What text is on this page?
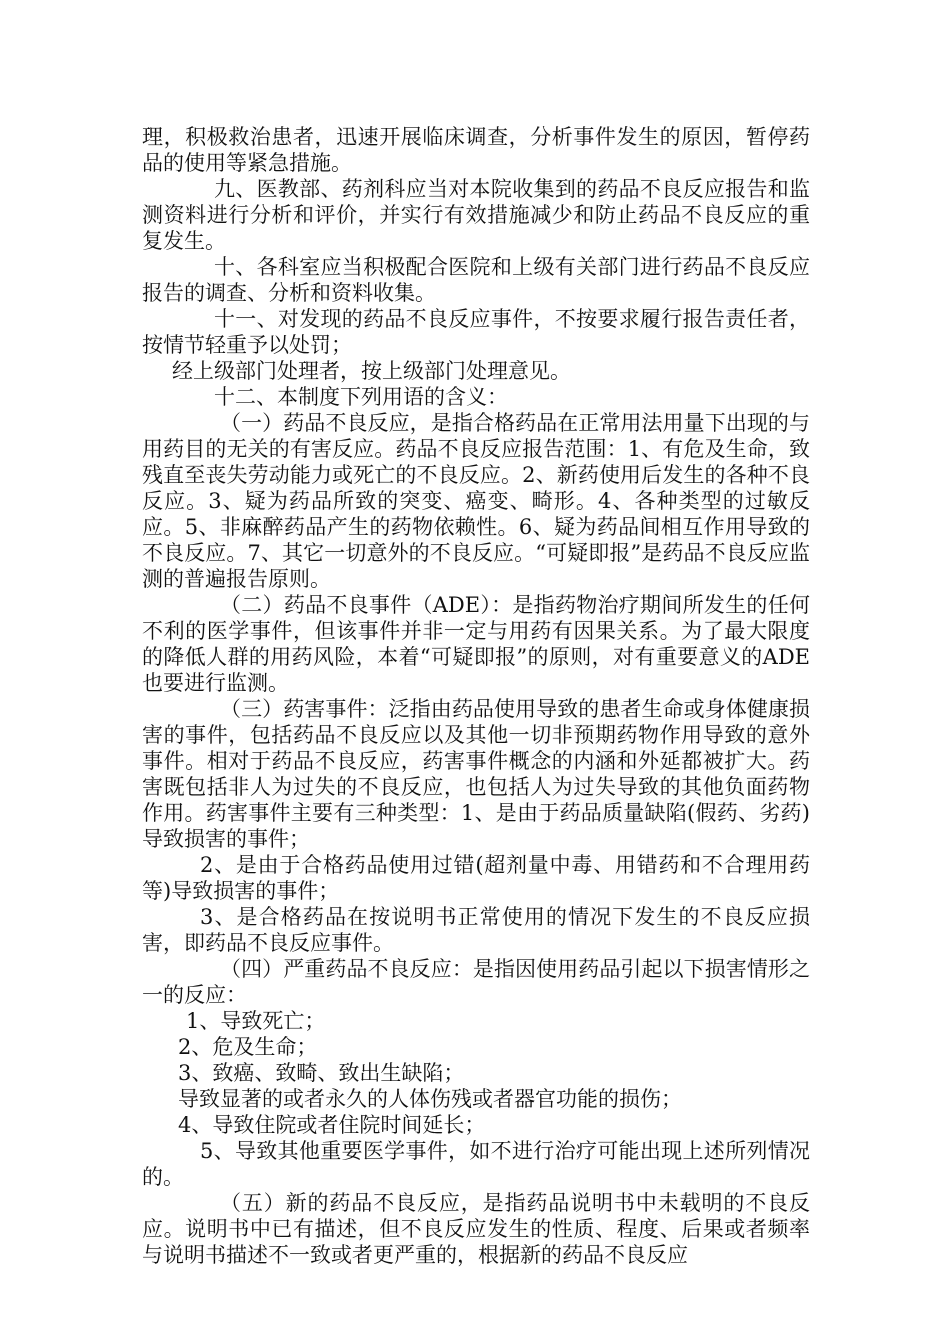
理，积极救治患者，迅速开展临床调查，分析事件发生的原因，暂停药品的使用等紧急措施。

九、医教部、药剂科应当对本院收集到的药品不良反应报告和监测资料进行分析和评价，并实行有效措施减少和防止药品不良反应的重复发生。

十、各科室应当积极配合医院和上级有关部门进行药品不良反应报告的调查、分析和资料收集。

十一、对发现的药品不良反应事件，不按要求履行报告责任者，按情节轻重予以处罚；

经上级部门处理者，按上级部门处理意见。

十二、本制度下列用语的含义：

（一）药品不良反应，是指合格药品在正常用法用量下出现的与用药目的无关的有害反应。药品不良反应报告范围：1、有危及生命，致残直至丧失劳动能力或死亡的不良反应。2、新药使用后发生的各种不良反应。3、疑为药品所致的突变、癌变、畸形。4、各种类型的过敏反应。5、非麻醉药品产生的药物依赖性。6、疑为药品间相互作用导致的不良反应。7、其它一切意外的不良反应。“可疑即报”是药品不良反应监测的普遍报告原则。

（二）药品不良事件（ADE）：是指药物治疗期间所发生的任何不利的医学事件，但该事件并非一定与用药有因果关系。为了最大限度的降低人群的用药风险，本着“可疑即报”的原则，对有重要意义的ADE也要进行监测。

（三）药害事件：泛指由药品使用导致的患者生命或身体健康损害的事件，包括药品不良反应以及其他一切非预期药物作用导致的意外事件。相对于药品不良反应，药害事件概念的内涵和外延都被扩大。药害既包括非人为过失的不良反应，也包括人为过失导致的其他负面药物作用。药害事件主要有三种类型：1、是由于药品质量缺陷(假药、劣药)导致损害的事件；

2、是由于合格药品使用过错(超剂量中毒、用错药和不合理用药等)导致损害的事件；

3、是合格药品在按说明书正常使用的情况下发生的不良反应损害，即药品不良反应事件。

（四）严重药品不良反应：是指因使用药品引起以下损害情形之一的反应：

1、导致死亡；

2、危及生命；

3、致癌、致畸、致出生缺陷；

导致显著的或者永久的人体伤残或者器官功能的损伤；

4、导致住院或者住院时间延长；

5、导致其他重要医学事件，如不进行治疗可能出现上述所列情况的。

（五）新的药品不良反应，是指药品说明书中未载明的不良反应。说明书中已有描述，但不良反应发生的性质、程度、后果或者频率与说明书描述不一致或者更严重的，根据新的药品不良反应
